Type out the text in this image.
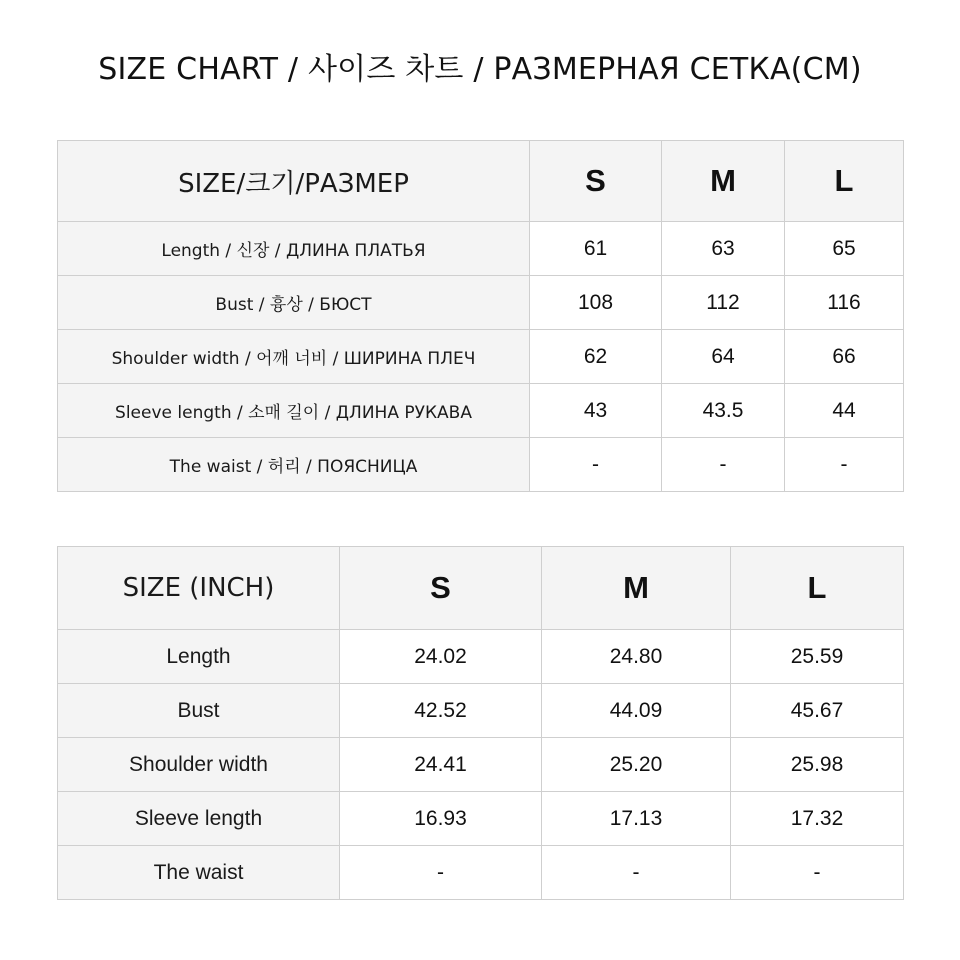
SIZE CHART / 사이즈 차트 / РАЗМЕРНАЯ СЕТКА(CM)
SIZE/크기/РАЗМЕР	S	M	L
Length / 신장 / ДЛИНА ПЛАТЬЯ	61	63	65
Bust / 흉상 / БЮСТ	108	112	116
Shoulder width / 어깨 너비 / ШИРИНА ПЛЕЧ	62	64	66
Sleeve length / 소매 길이 / ДЛИНА РУКАВА	43	43.5	44
The waist / 허리 / ПОЯСНИЦА	-	-	-
SIZE (INCH)	S	M	L
Length	24.02	24.80	25.59
Bust	42.52	44.09	45.67
Shoulder width	24.41	25.20	25.98
Sleeve length	16.93	17.13	17.32
The waist	-	-	-
